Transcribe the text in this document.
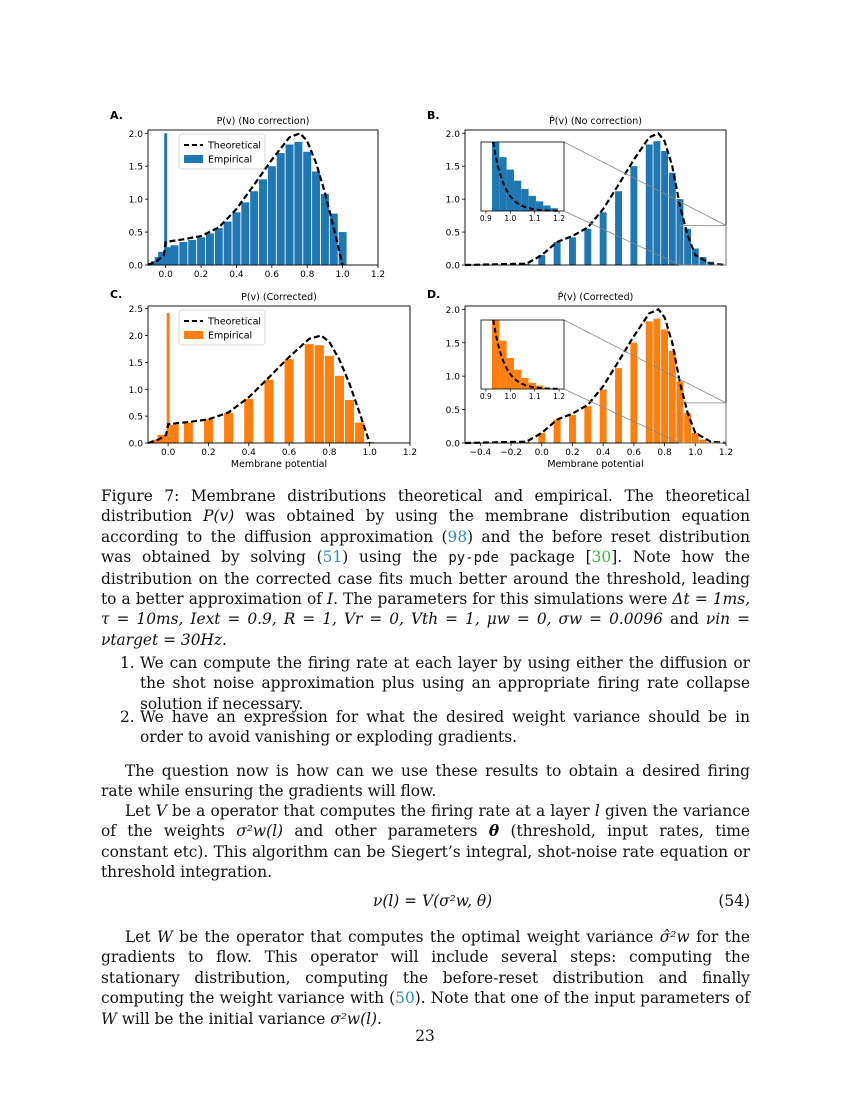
A.	P(v) (No correction)
0.0
0.5
1.0
1.5
2.0
0.0 0.2 0.4 0.6 0.8 1.0 1.2
Theoretical
Empirical
B.	P̂(v) (No correction)
0.0
0.5
1.0
1.5
2.0
0.9 1.0 1.1 1.2
C.	P(v) (Corrected)
0.0
0.5
1.0
1.5
2.0
2.5
0.0	0.2	0.4	0.6	0.8	1.0	1.2
Membrane potential
Theoretical
Empirical
D.	P̂(v) (Corrected)
0.0
0.5
1.0
1.5
2.0
−0.4 −0.2 0.0 0.2 0.4 0.6 0.8 1.0 1.2
Membrane potential
0.9 1.0 1.1 1.2
Figure 7: Membrane distributions theoretical and empirical. The theoretical distribution P(v) was obtained by using the membrane distribution equation according to the diffusion approximation (98) and the before reset distribution was obtained by solving (51) using the py-pde package [30]. Note how the distribution on the corrected case fits much better around the threshold, leading to a better approximation of I. The parameters for this simulations were Δt = 1ms, τ = 10ms, Iext = 0.9, R = 1, Vr = 0, Vth = 1, μw = 0, σw = 0.0096 and νin = νtarget = 30Hz.
1. We can compute the firing rate at each layer by using either the diffusion or the shot noise approximation plus using an appropriate firing rate collapse solution if necessary.
2. We have an expression for what the desired weight variance should be in order to avoid vanishing or exploding gradients.
The question now is how can we use these results to obtain a desired firing rate while ensuring the gradients will flow.
Let V be a operator that computes the firing rate at a layer l given the variance of the weights σ²w(l) and other parameters θ (threshold, input rates, time constant etc). This algorithm can be Siegert’s integral, shot-noise rate equation or threshold integration.
ν(l) = V(σ²w, θ)	(54)
Let W be the operator that computes the optimal weight variance σ̂²w for the gradients to flow. This operator will include several steps: computing the stationary distribution, computing the before-reset distribution and finally computing the weight variance with (50). Note that one of the input parameters of W will be the initial variance σ²w(l).
23
